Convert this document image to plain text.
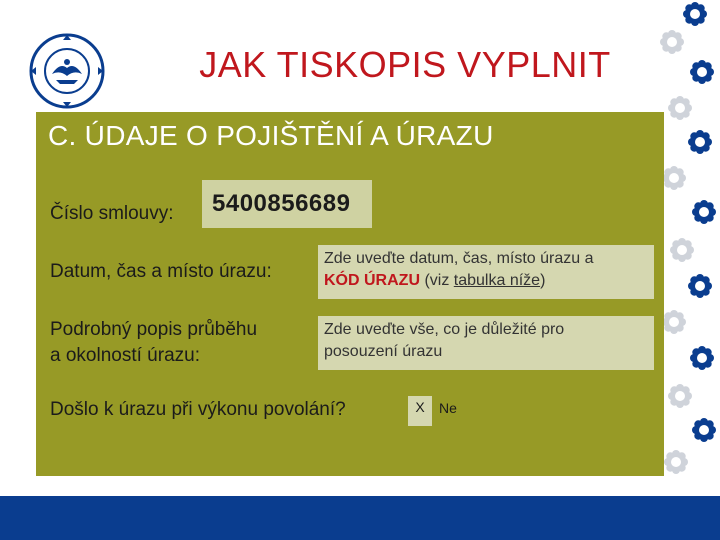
JAK TISKOPIS VYPLNIT
C. ÚDAJE O POJIŠTĚNÍ A ÚRAZU
Číslo smlouvy:	5400856689
Datum, čas a místo úrazu:
Zde uveďte datum, čas, místo úrazu a
KÓD ÚRAZU (viz tabulka níže)
Podrobný popis průběhu
a okolností úrazu:
Zde uveďte vše, co je důležité pro
posouzení úrazu
Došlo k úrazu při výkonu povolání?	X	Ne
